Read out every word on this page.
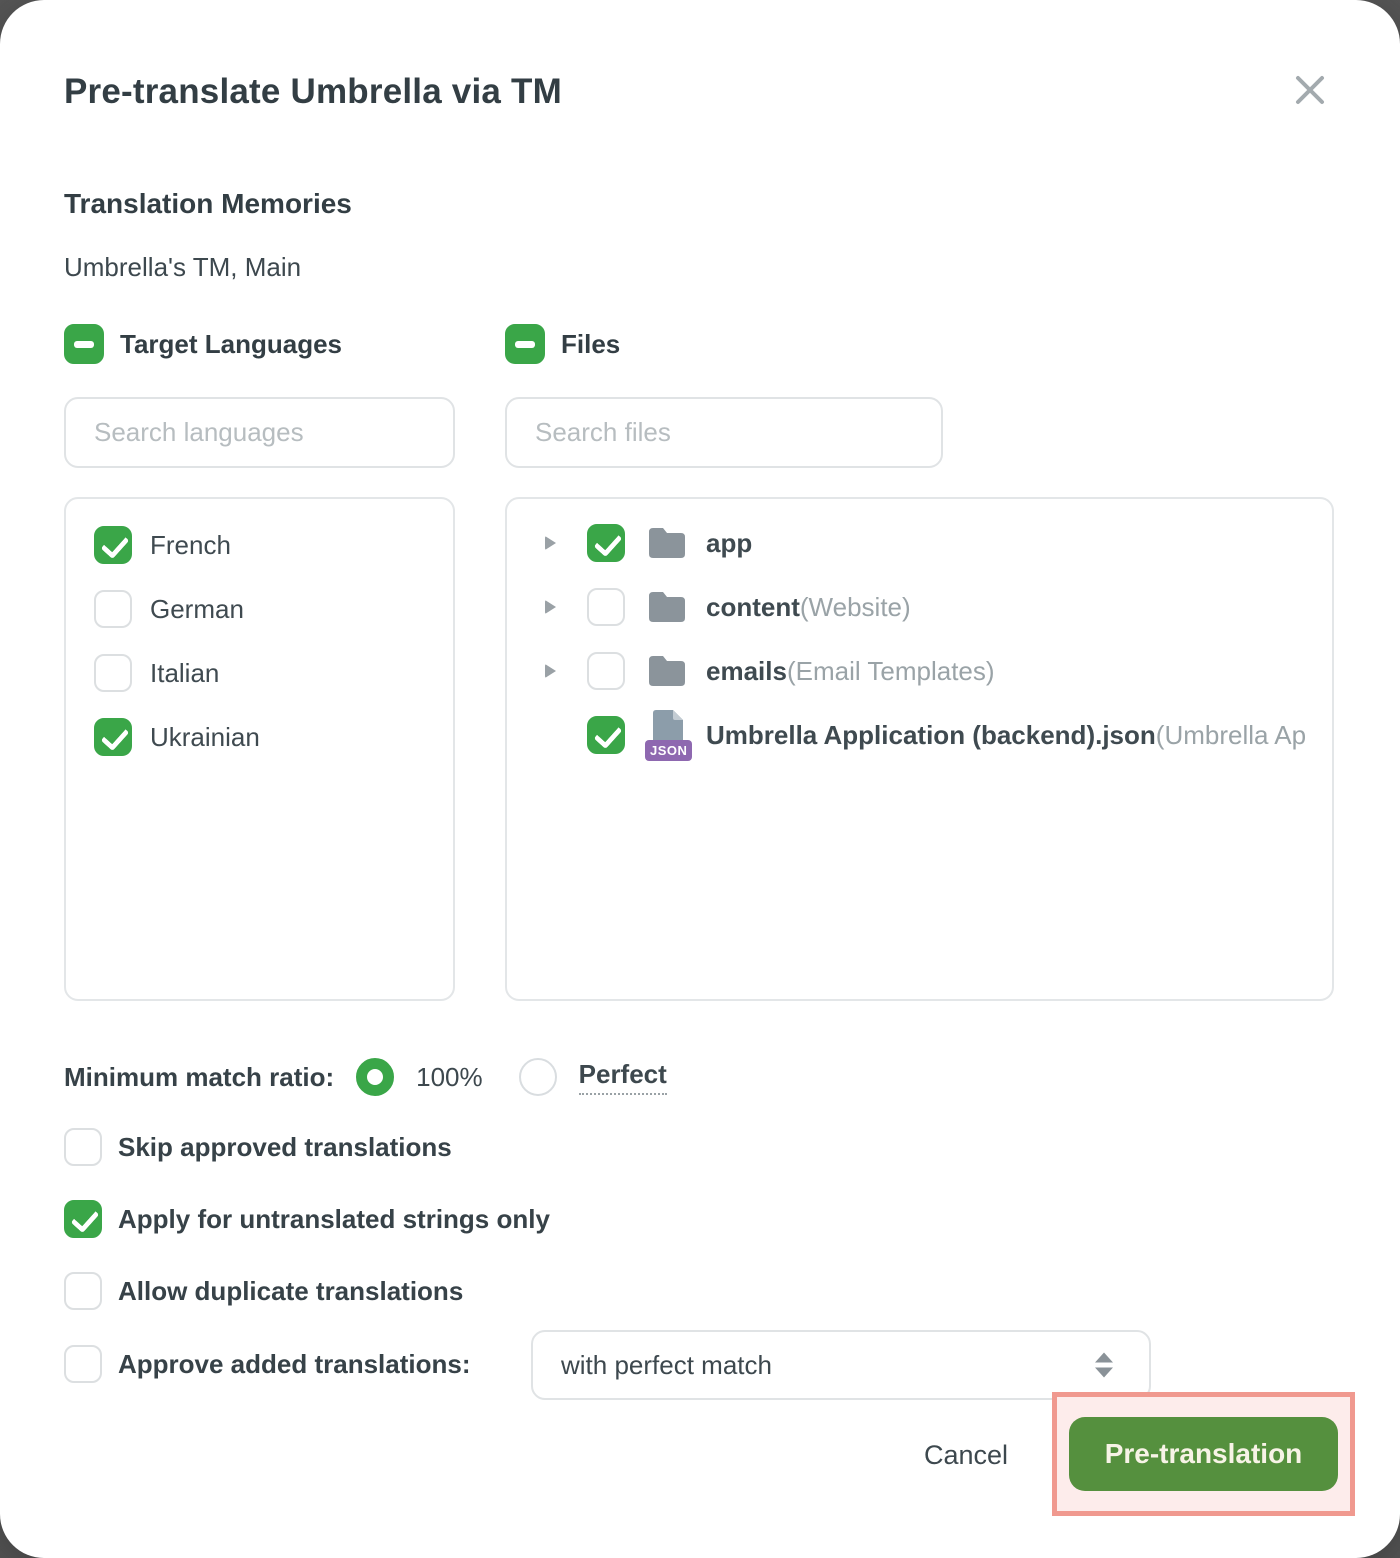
Pre-translate Umbrella via TM
Translation Memories
Umbrella's TM, Main
Target Languages	Files
Search languages
Search files
French
German
Italian
Ukrainian
app
content (Website)
emails (Email Templates)
JSON
Umbrella Application (backend).json (Umbrella Ap
Minimum match ratio:	100%	Perfect
Skip approved translations
Apply for untranslated strings only
Allow duplicate translations
Approve added translations:	with perfect match
Cancel	Pre-translation
